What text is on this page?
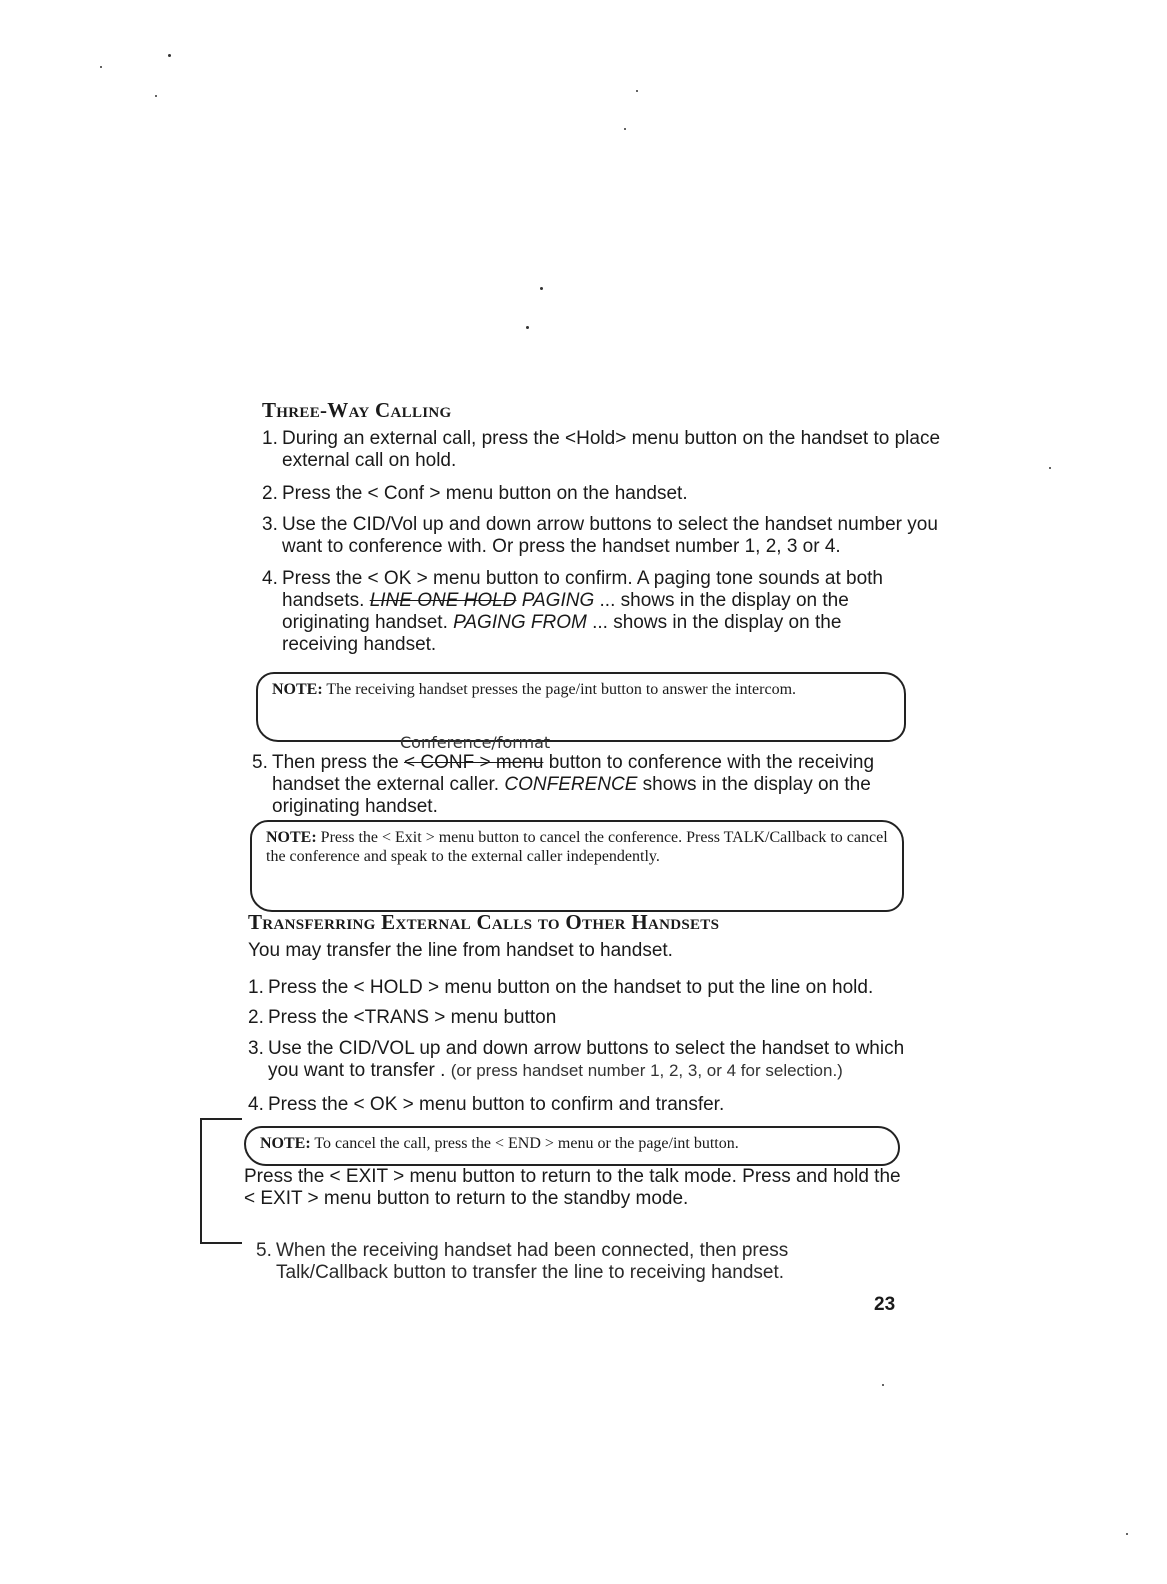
Three-Way Calling
1. During an external call, press the <Hold> menu button on the handset to place external call on hold.
2. Press the < Conf > menu button on the handset.
3. Use the CID/Vol up and down arrow buttons to select the handset number you want to conference with. Or press the handset number 1, 2, 3 or 4.
4. Press the < OK > menu button to confirm. A paging tone sounds at both handsets. LINE ONE HOLD PAGING ... shows in the display on the originating handset. PAGING FROM ... shows in the display on the receiving handset.
NOTE: The receiving handset presses the page/int button to answer the intercom.
Conference/format
5. Then press the < CONF > menu button to conference with the receiving handset the external caller. CONFERENCE shows in the display on the originating handset.
NOTE: Press the < Exit > menu button to cancel the conference. Press TALK/Callback to cancel the conference and speak to the external caller independently.
Transferring External Calls to Other Handsets
You may transfer the line from handset to handset.
1. Press the < HOLD > menu button on the handset to put the line on hold.
2. Press the <TRANS > menu button
3. Use the CID/VOL up and down arrow buttons to select the handset to which you want to transfer . (or press handset number 1, 2, 3, or 4 for selection.)
4. Press the < OK > menu button to confirm and transfer.
NOTE: To cancel the call, press the < END > menu or the page/int button.
Press the < EXIT > menu button to return to the talk mode. Press and hold the < EXIT > menu button to return to the standby mode.
5. When the receiving handset had been connected, then press Talk/Callback button to transfer the line to receiving handset.
23
